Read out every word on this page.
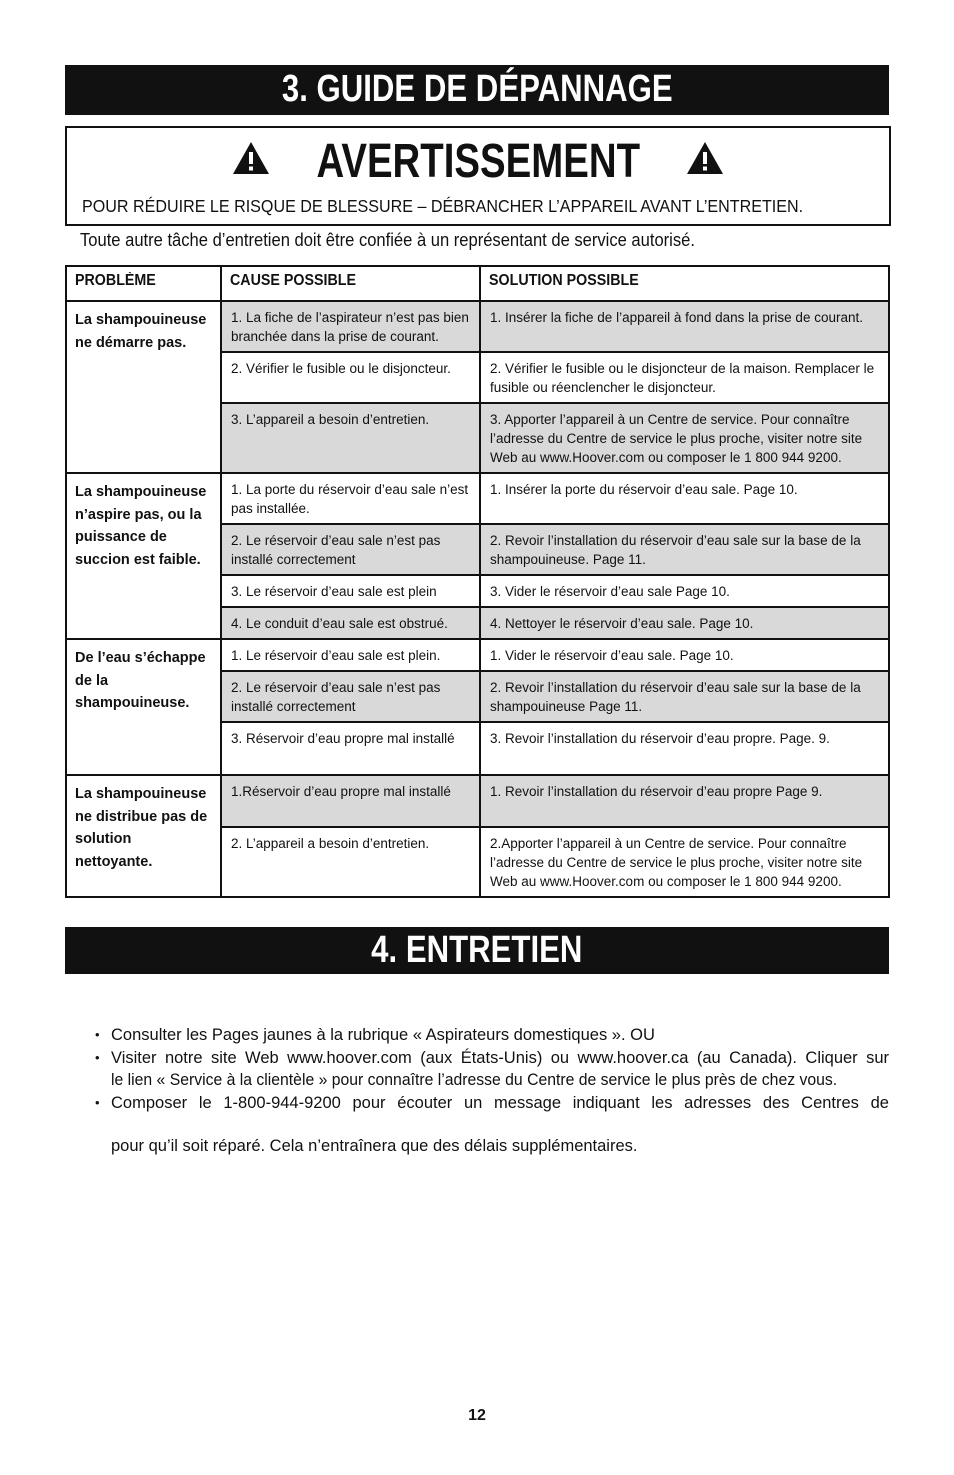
3. GUIDE DE DÉPANNAGE
AVERTISSEMENT
POUR RÉDUIRE LE RISQUE DE BLESSURE – DÉBRANCHER L’APPAREIL AVANT L’ENTRETIEN.
Toute autre tâche d’entretien doit être confiée à un représentant de service autorisé.
PROBLÈME	CAUSE POSSIBLE	SOLUTION POSSIBLE
La shampouineuse ne démarre pas.	1. La fiche de l’aspirateur n’est pas bien branchée dans la prise de courant.	1. Insérer la fiche de l’appareil à fond dans la prise de courant.
	2. Vérifier le fusible ou le disjoncteur.	2. Vérifier le fusible ou le disjoncteur de la maison. Remplacer le fusible ou réenclencher le disjoncteur.
	3. L’appareil a besoin d’entretien.	3. Apporter l’appareil à un Centre de service. Pour connaître l’adresse du Centre de service le plus proche, visiter notre site Web au www.Hoover.com ou composer le 1 800 944 9200.
La shampouineuse n’aspire pas, ou la puissance de succion est faible.	1. La porte du réservoir d’eau sale n’est pas installée.	1. Insérer la porte du réservoir d’eau sale. Page 10.
	2. Le réservoir d’eau sale n’est pas installé correctement	2. Revoir l’installation du réservoir d’eau sale sur la base de la shampouineuse. Page 11.
	3. Le réservoir d’eau sale est plein	3. Vider le réservoir d’eau sale Page 10.
	4. Le conduit d’eau sale est obstrué.	4. Nettoyer le réservoir d’eau sale. Page 10.
De l’eau s’échappe de la shampouineuse.	1. Le réservoir d’eau sale est plein.	1. Vider le réservoir d’eau sale. Page 10.
	2. Le réservoir d’eau sale n’est pas installé correctement	2. Revoir l’installation du réservoir d’eau sale sur la base de la shampouineuse Page 11.
	3. Réservoir d’eau propre mal installé	3. Revoir l’installation du réservoir d’eau propre. Page. 9.
La shampouineuse ne distribue pas de solution nettoyante.	1.Réservoir d’eau propre mal installé	1. Revoir l’installation du réservoir d’eau propre Page 9.
	2. L’appareil a besoin d’entretien.	2.Apporter l’appareil à un Centre de service. Pour connaître l’adresse du Centre de service le plus proche, visiter notre site Web au www.Hoover.com ou composer le 1 800 944 9200.
4. ENTRETIEN
• Consulter les Pages jaunes à la rubrique « Aspirateurs domestiques ». OU
• Visiter notre site Web www.hoover.com (aux États-Unis) ou www.hoover.ca (au Canada). Cliquer sur
le lien « Service à la clientèle » pour connaître l’adresse du Centre de service le plus près de chez vous.
• Composer le 1-800-944-9200 pour écouter un message indiquant les adresses des Centres de
pour qu’il soit réparé. Cela n’entraînera que des délais supplémentaires.
12
